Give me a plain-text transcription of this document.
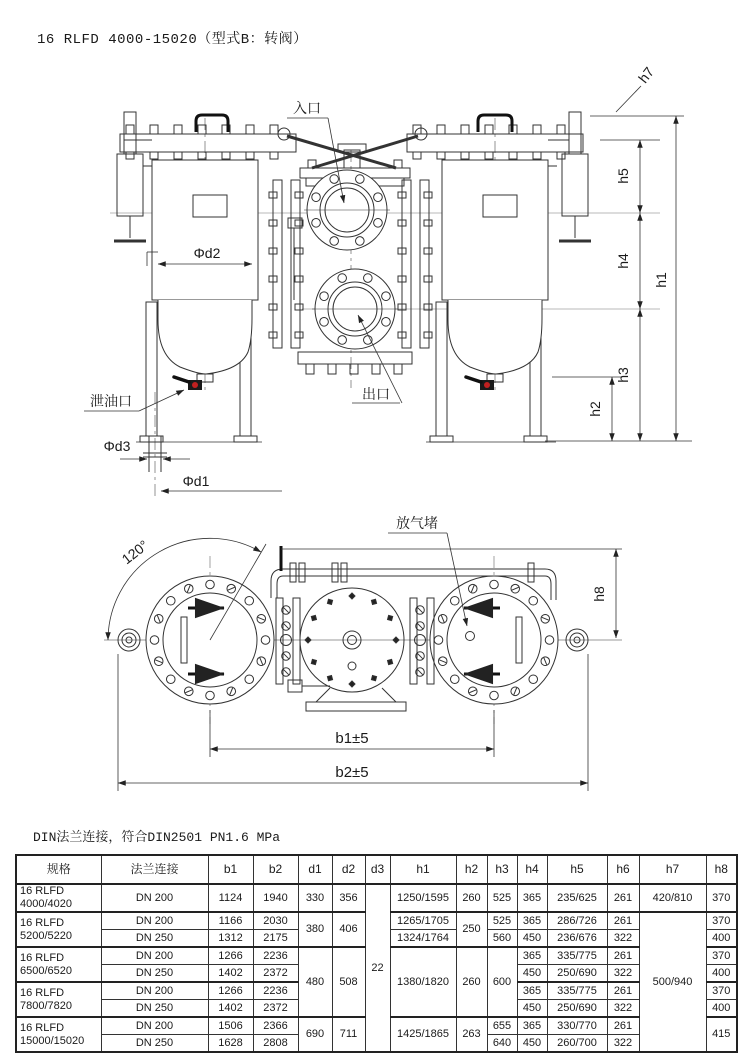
16 RLFD 4000-15020（型式B：转阀）
入口
出口
泄油口
Φd2
Φd3
Φd1
h5
h4
h3
h2
h1
h7
放气堵
120°
h8
b1±5
b2±5
DIN法兰连接，符合DIN2501 PN1.6 MPa
规格	法兰连接	b1	b2	d1	d2	d3	h1	h2	h3	h4	h5	h6	h7	h8
16 RLFD
4000/4020	DN 200	1124	1940	330	356	22	1250/1595	260	525	365	235/625	261	420/810	370
16 RLFD
5200/5220	DN 200	1166	2030	380	406		1265/1705	250	525	365	286/726	261	500/940	370
	DN 250	1312	2175				1324/1764		560	450	236/676	322		400
16 RLFD
6500/6520	DN 200	1266	2236	480	508		1380/1820	260	600	365	335/775	261		370
	DN 250	1402	2372							450	250/690	322		400
16 RLFD
7800/7820	DN 200	1266	2236							365	335/775	261		370
	DN 250	1402	2372							450	250/690	322		400
16 RLFD
15000/15020	DN 200	1506	2366	690	711		1425/1865	263	655	365	330/770	261		415
	DN 250	1628	2808						640	450	260/700	322		
